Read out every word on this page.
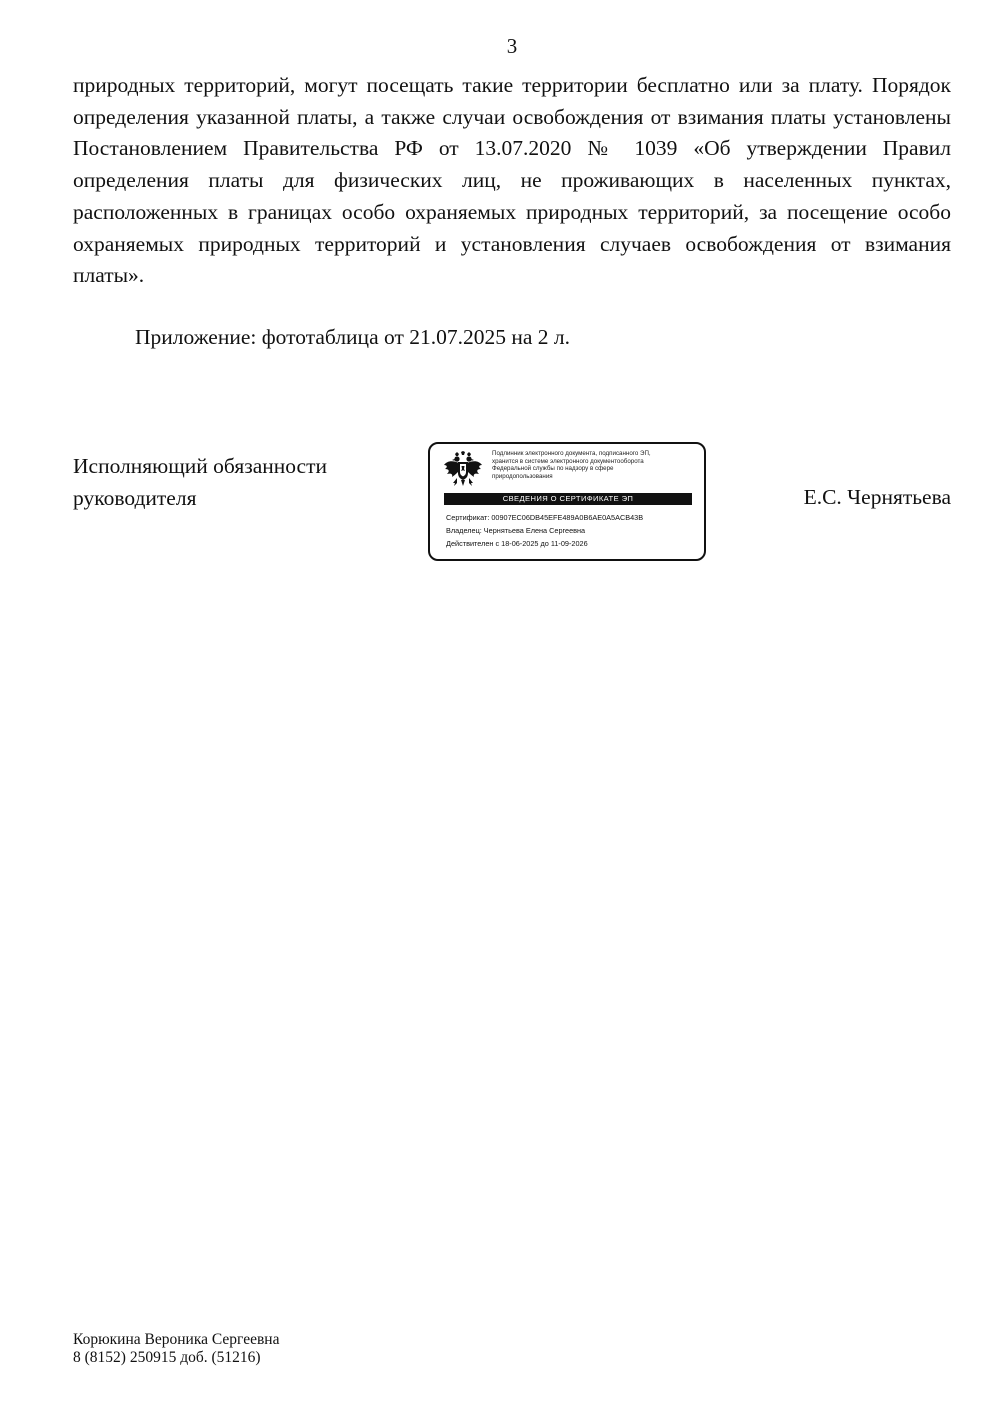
3

природных территорий, могут посещать такие территории бесплатно или за плату. Порядок определения указанной платы, а также случаи освобождения от взимания платы установлены Постановлением Правительства РФ от 13.07.2020 № 1039 «Об утверждении Правил определения платы для физических лиц, не проживающих в населенных пунктах, расположенных в границах особо охраняемых природных территорий, за посещение особо охраняемых природных территорий и установления случаев освобождения от взимания платы».

Приложение: фототаблица от 21.07.2025 на 2 л.
Исполняющий обязанности
руководителя
Подлинник электронного документа, подписанного ЭП,
хранится в системе электронного документооборота
Федеральной службы по надзору в сфере
природопользования
СВЕДЕНИЯ О СЕРТИФИКАТЕ ЭП
Сертификат: 00907EC06DB45EFE489A0B6AE0A5ACB43B
Владелец: Чернятьева Елена Сергеевна
Действителен с 18-06-2025 до 11-09-2026
Е.С. Чернятьева
Корюкина Вероника Сергеевна
8 (8152) 250915 доб. (51216)
